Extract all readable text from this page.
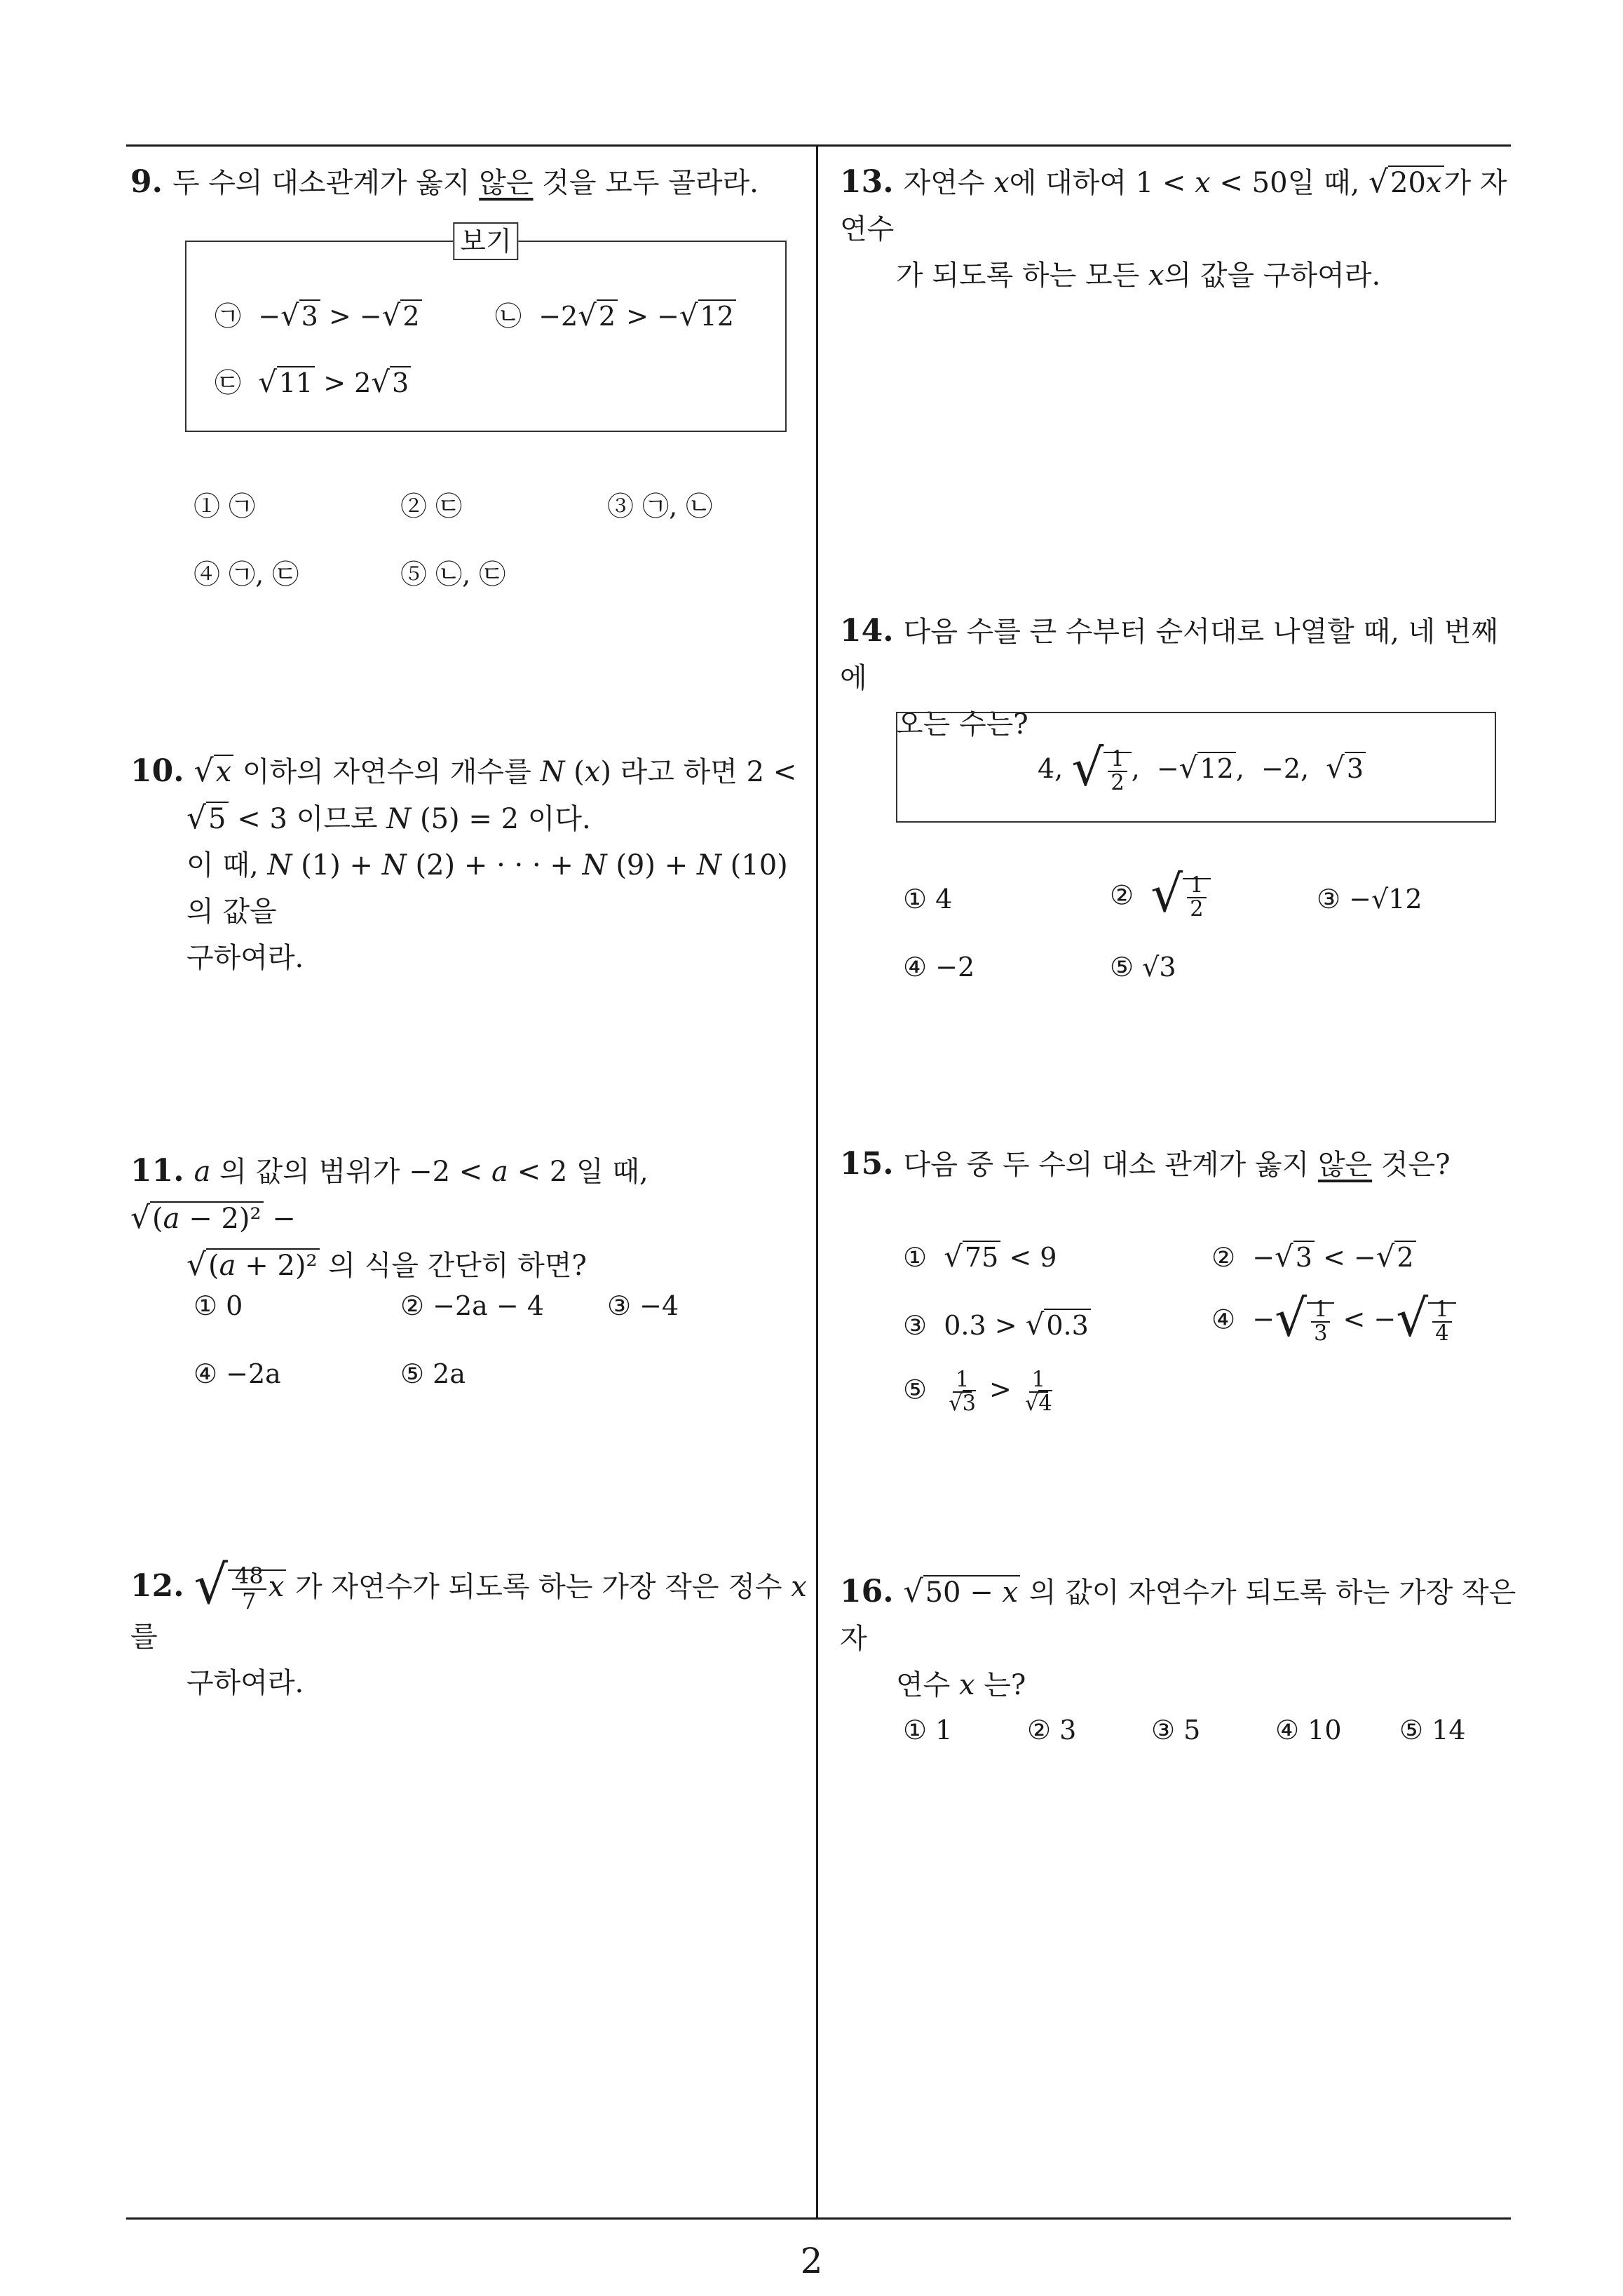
9. 두 수의 대소관계가 옳지 않은 것을 모두 골라라.
보기
㉠ −√3 > −√2	㉡ −2√2 > −√12
㉢ √11 > 2√3
① ㉠	② ㉢	③ ㉠, ㉡
④ ㉠, ㉢	⑤ ㉡, ㉢
10. √x 이하의 자연수의 개수를 N (x) 라고 하면 2 <
√5 < 3 이므로 N (5) = 2 이다.
이 때, N (1) + N (2) + · · · + N (9) + N (10) 의 값을
구하여라.
11. a 의 값의 범위가 −2 < a < 2 일 때, √(a − 2)² −
√(a + 2)² 의 식을 간단히 하면?
① 0	② −2a − 4 ③ −4
④ −2a	⑤ 2a
12. √ $\frac{48}{7}$ x 가 자연수가 되도록 하는 가장 작은 정수 x 를
구하여라.
13. 자연수 x에 대하여 1 < x < 50일 때, √20x가 자연수
가 되도록 하는 모든 x의 값을 구하여라.
14. 다음 수를 큰 수부터 순서대로 나열할 때, 네 번째에
오는 수는?
4, √ $\frac{1}{2}$ ,  −√12,  −2,  √3
① 4	② √ $\frac{1}{2}$	③ −√12
④ −2	⑤ √3
15. 다음 중 두 수의 대소 관계가 옳지 않은 것은?
① √75 < 9	② −√3 < −√2
③ 0.3 > √0.3	④ −√ $\frac{1}{3}$ < −√ $\frac{1}{4}$
⑤ $\frac{1}{√3} > \frac{1}{√4}$
16. √50 − x 의 값이 자연수가 되도록 하는 가장 작은 자
연수 x 는?
① 1	② 3	③ 5	④ 10 ⑤ 14
2
